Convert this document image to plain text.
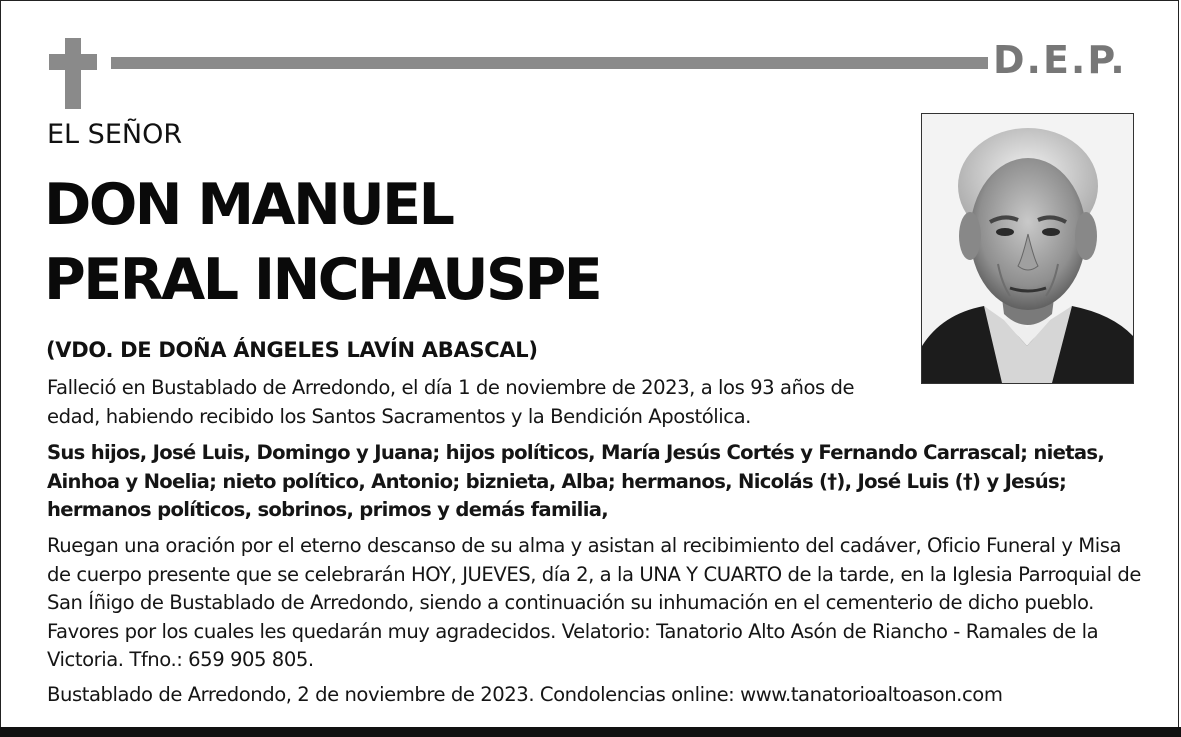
D.E.P.
EL SEÑOR
DON MANUEL
PERAL INCHAUSPE
(VDO. DE DOÑA ÁNGELES LAVÍN ABASCAL)
Falleció en Bustablado de Arredondo, el día 1 de noviembre de 2023, a los 93 años de edad, habiendo recibido los Santos Sacramentos y la Bendición Apostólica.
Sus hijos, José Luis, Domingo y Juana; hijos políticos, María Jesús Cortés y Fernando Carrascal; nietas, Ainhoa y Noelia; nieto político, Antonio; biznieta, Alba; hermanos, Nicolás (†), José Luis (†) y Jesús; hermanos políticos, sobrinos, primos y demás familia,
Ruegan una oración por el eterno descanso de su alma y asistan al recibimiento del cadáver, Oficio Funeral y Misa de cuerpo presente que se celebrarán HOY, JUEVES, día 2, a la UNA Y CUARTO de la tarde, en la Iglesia Parroquial de San Íñigo de Bustablado de Arredondo, siendo a continuación su inhumación en el cementerio de dicho pueblo. Favores por los cuales les quedarán muy agradecidos. Velatorio: Tanatorio Alto Asón de Riancho - Ramales de la Victoria. Tfno.: 659 905 805.
Bustablado de Arredondo, 2 de noviembre de 2023. Condolencias online: www.tanatorioaltoason.com
